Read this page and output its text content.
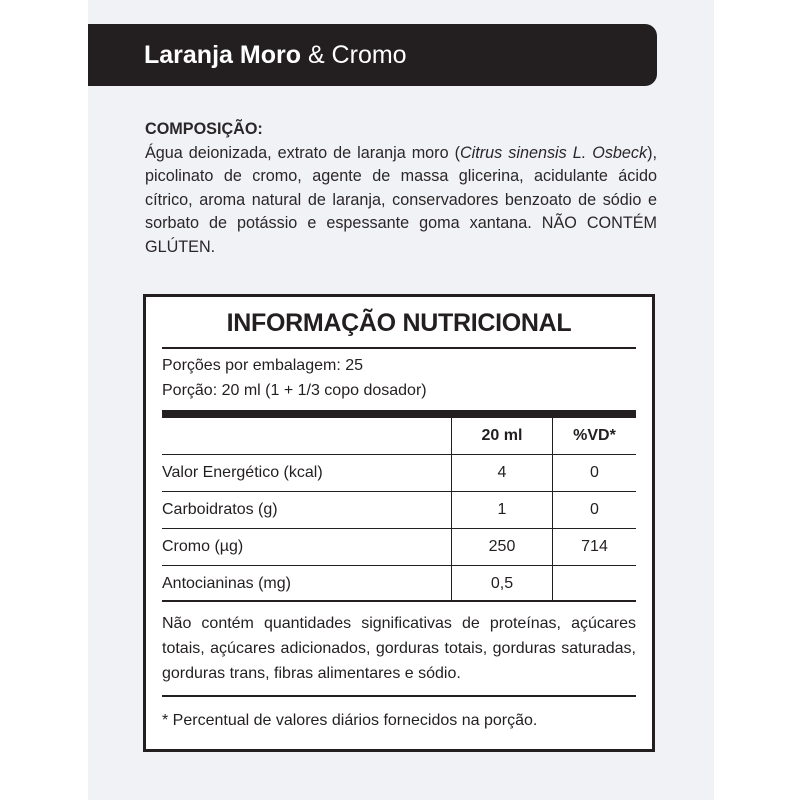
Laranja Moro
& Cromo
COMPOSIÇÃO:
Água deionizada, extrato de laranja moro (Citrus sinensis L. Osbeck), picolinato de cromo, agente de massa glicerina, acidulante ácido cítrico, aroma natural de laranja, conservadores benzoato de sódio e sorbato de potássio e espessante goma xantana. NÃO CONTÉM GLÚTEN.
INFORMAÇÃO NUTRICIONAL
Porções por embalagem: 25
Porção: 20 ml (1 + 1/3 copo dosador)
	20 ml	%VD*
Valor Energético (kcal)	4	0
Carboidratos (g)	1	0
Cromo (µg)	250	714
Antocianinas (mg)	0,5	
Não contém quantidades significativas de proteínas, açúcares totais, açúcares adicionados, gorduras totais, gorduras saturadas, gorduras trans, fibras alimentares e sódio.
* Percentual de valores diários fornecidos na porção.
